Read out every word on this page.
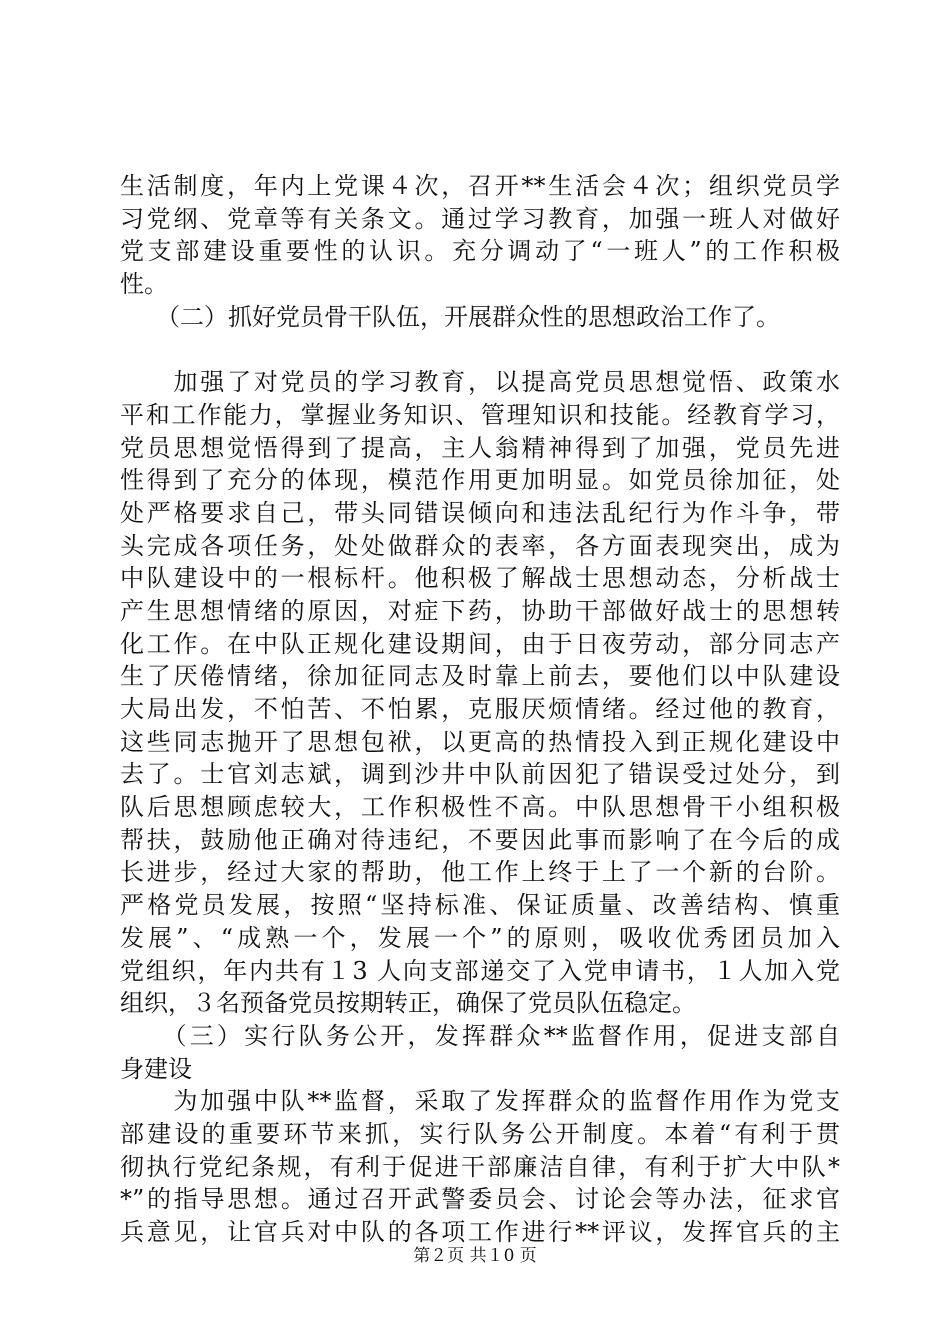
生活制度，年内上党课４次，召开**生活会４次；组织党员学
习党纲、党章等有关条文。通过学习教育，加强一班人对做好
党支部建设重要性的认识。充分调动了“一班人”的工作积极
性。
　　（二）抓好党员骨干队伍，开展群众性的思想政治工作了。
　　加强了对党员的学习教育，以提高党员思想觉悟、政策水
平和工作能力，掌握业务知识、管理知识和技能。经教育学习，
党员思想觉悟得到了提高，主人翁精神得到了加强，党员先进
性得到了充分的体现，模范作用更加明显。如党员徐加征，处
处严格要求自己，带头同错误倾向和违法乱纪行为作斗争，带
头完成各项任务，处处做群众的表率，各方面表现突出，成为
中队建设中的一根标杆。他积极了解战士思想动态，分析战士
产生思想情绪的原因，对症下药，协助干部做好战士的思想转
化工作。在中队正规化建设期间，由于日夜劳动，部分同志产
生了厌倦情绪，徐加征同志及时靠上前去，要他们以中队建设
大局出发，不怕苦、不怕累，克服厌烦情绪。经过他的教育，
这些同志抛开了思想包袱，以更高的热情投入到正规化建设中
去了。士官刘志斌，调到沙井中队前因犯了错误受过处分，到
队后思想顾虑较大，工作积极性不高。中队思想骨干小组积极
帮扶，鼓励他正确对待违纪，不要因此事而影响了在今后的成
长进步，经过大家的帮助，他工作上终于上了一个新的台阶。
严格党员发展，按照“坚持标准、保证质量、改善结构、慎重
发展”、“成熟一个，发展一个”的原则，吸收优秀团员加入
党组织，年内共有１3 人向支部递交了入党申请书，１人加入党
组织，３名预备党员按期转正，确保了党员队伍稳定。
　　（三）实行队务公开，发挥群众**监督作用，促进支部自
身建设
　　为加强中队**监督，采取了发挥群众的监督作用作为党支
部建设的重要环节来抓，实行队务公开制度。本着“有利于贯
彻执行党纪条规，有利于促进干部廉洁自律，有利于扩大中队*
*”的指导思想。通过召开武警委员会、讨论会等办法，征求官
兵意见，让官兵对中队的各项工作进行**评议，发挥官兵的主
第２页 共１0 页
